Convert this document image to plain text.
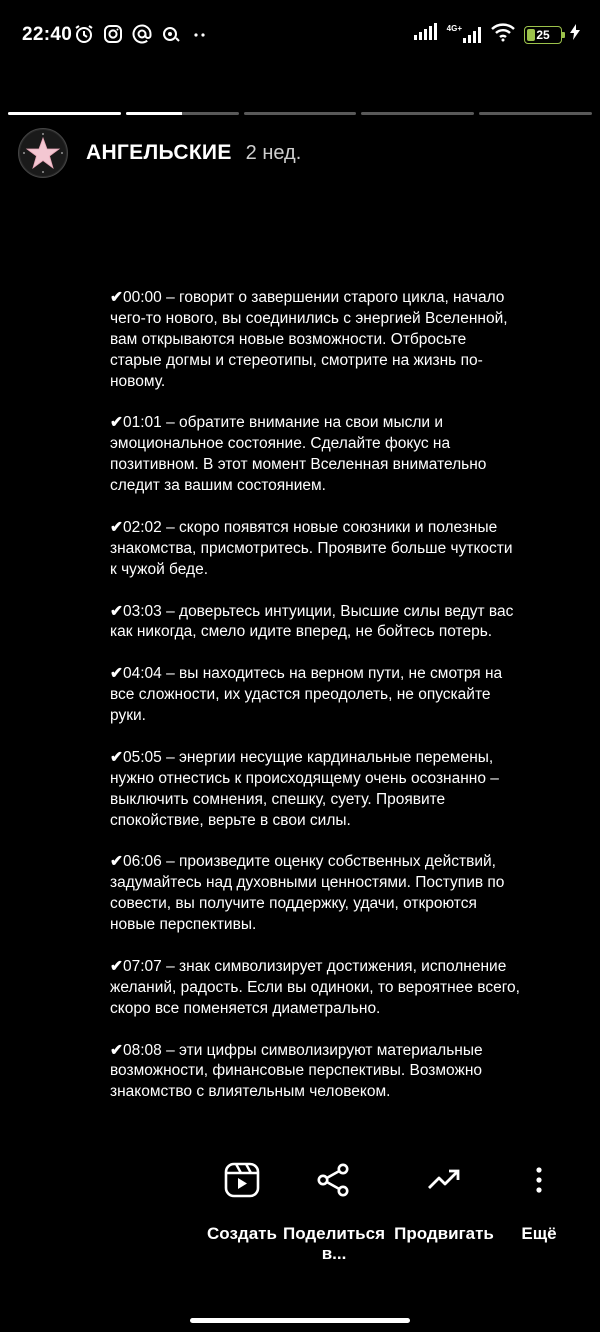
22:40	4G+	25
АНГЕЛЬСКИЕ 2 нед.

✔00:00 – говорит о завершении старого цикла, начало чего-то нового, вы соединились с энергией Вселенной, вам открываются новые возможности. Отбросьте старые догмы и стереотипы, смотрите на жизнь по-новому.

✔01:01 – обратите внимание на свои мысли и эмоциональное состояние. Сделайте фокус на позитивном. В этот момент Вселенная внимательно следит за вашим состоянием.

✔02:02 – скоро появятся новые союзники и полезные знакомства, присмотритесь. Проявите больше чуткости к чужой беде.

✔03:03 – доверьтесь интуиции, Высшие силы ведут вас как никогда, смело идите вперед, не бойтесь потерь.

✔04:04 – вы находитесь на верном пути, не смотря на все сложности, их удастся преодолеть, не опускайте руки.

✔05:05 – энергии несущие кардинальные перемены, нужно отнестись к происходящему очень осознанно – выключить сомнения, спешку, суету. Проявите спокойствие, верьте в свои силы.

✔06:06 – произведите оценку собственных действий, задумайтесь над духовными ценностями. Поступив по совести, вы получите поддержку, удачи, откроются новые перспективы.

✔07:07 – знак символизирует достижения, исполнение желаний, радость. Если вы одиноки, то вероятнее всего, скоро все поменяется диаметрально.

✔08:08 – эти цифры символизируют материальные возможности, финансовые перспективы. Возможно знакомство с влиятельным человеком.

Создать Поделиться в...
Продвигать Ещё
